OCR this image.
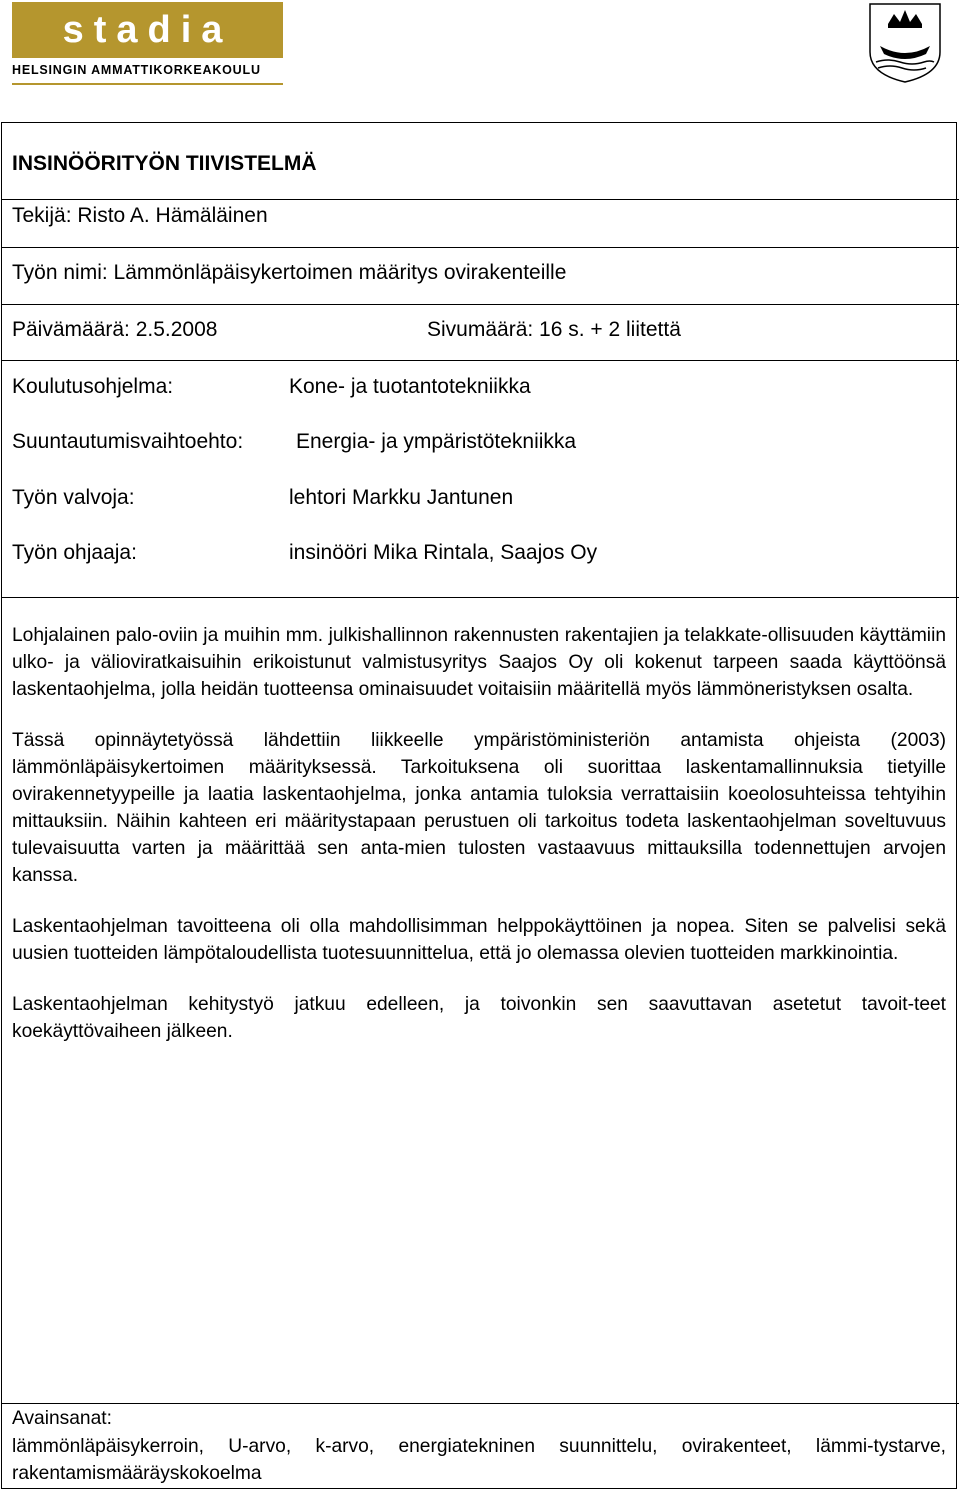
stadia
HELSINGIN AMMATTIKORKEAKOULU
INSINÖÖRITYÖN TIIVISTELMÄ
Tekijä: Risto A. Hämäläinen
Työn nimi: Lämmönläpäisykertoimen määritys ovirakenteille
Päivämäärä: 2.5.2008	Sivumäärä: 16 s. + 2 liitettä
Koulutusohjelma:	Kone- ja tuotantotekniikka
Suuntautumisvaihtoehto:	Energia- ja ympäristötekniikka
Työn valvoja:	lehtori Markku Jantunen
Työn ohjaaja:	insinööri Mika Rintala, Saajos Oy

Lohjalainen palo-oviin ja muihin mm. julkishallinnon rakennusten rakentajien ja telakkate-ollisuuden käyttämiin ulko- ja välioviratkaisuihin erikoistunut valmistusyritys Saajos Oy oli kokenut tarpeen saada käyttöönsä laskentaohjelma, jolla heidän tuotteensa ominaisuudet voitaisiin määritellä myös lämmöneristyksen osalta.

Tässä opinnäytetyössä lähdettiin liikkeelle ympäristöministeriön antamista ohjeista (2003) lämmönläpäisykertoimen määrityksessä. Tarkoituksena oli suorittaa laskentamallinnuksia tietyille ovirakennetyypeille ja laatia laskentaohjelma, jonka antamia tuloksia verrattaisiin koeolosuhteissa tehtyihin mittauksiin. Näihin kahteen eri määritystapaan perustuen oli tarkoitus todeta laskentaohjelman soveltuvuus tulevaisuutta varten ja määrittää sen anta-mien tulosten vastaavuus mittauksilla todennettujen arvojen kanssa.

Laskentaohjelman tavoitteena oli olla mahdollisimman helppokäyttöinen ja nopea. Siten se palvelisi sekä uusien tuotteiden lämpötaloudellista tuotesuunnittelua, että jo olemassa olevien tuotteiden markkinointia.

Laskentaohjelman kehitystyö jatkuu edelleen, ja toivonkin sen saavuttavan asetetut tavoit-teet koekäyttövaiheen jälkeen.

Avainsanat:
lämmönläpäisykerroin, U-arvo, k-arvo, energiatekninen suunnittelu, ovirakenteet, lämmi-tystarve, rakentamismääräyskokoelma
